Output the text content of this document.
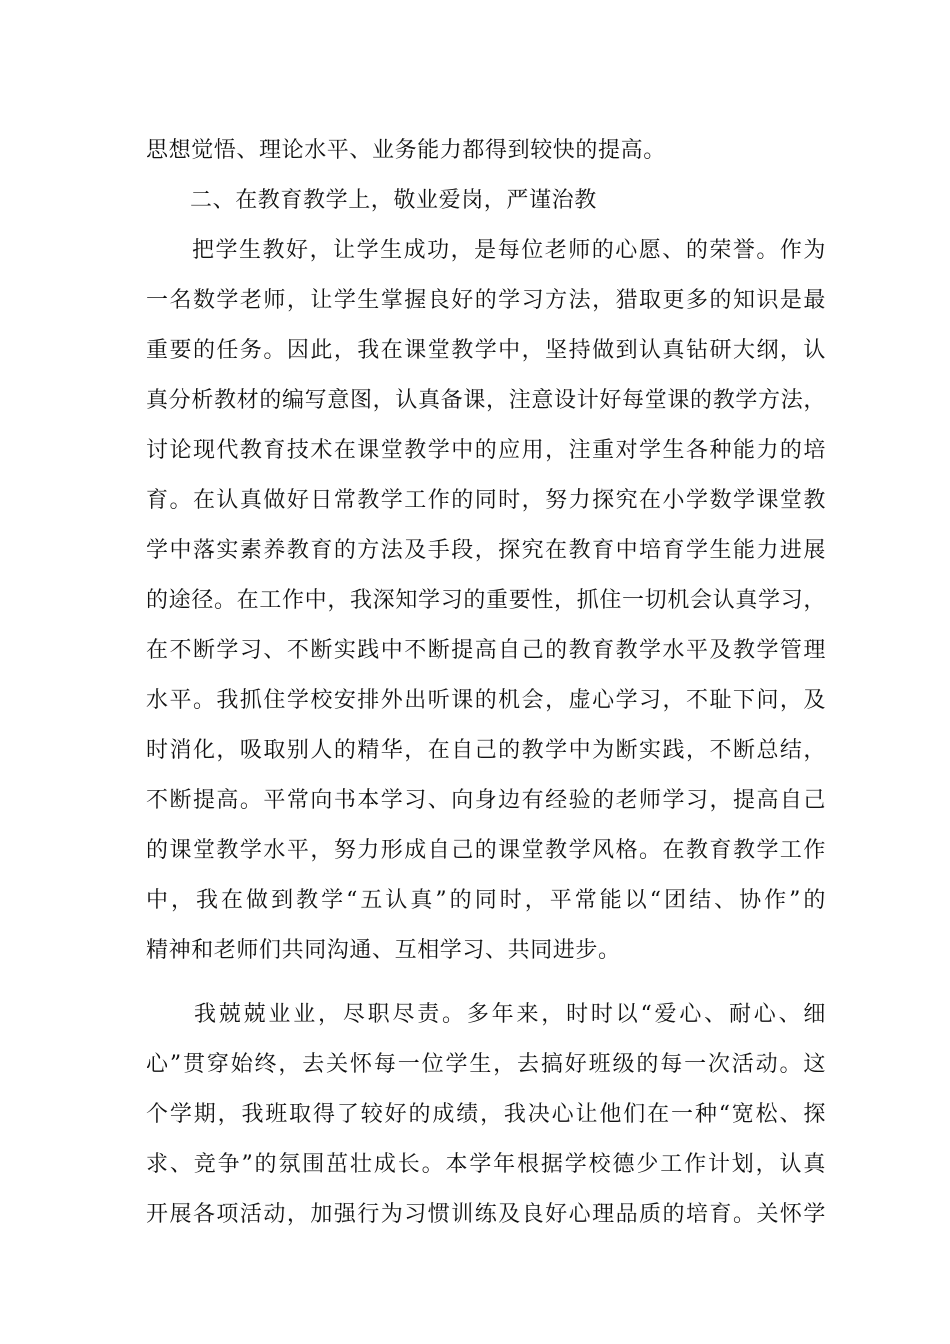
思想觉悟、理论水平、业务能力都得到较快的提高。
二、在教育教学上，敬业爱岗，严谨治教
把学生教好，让学生成功，是每位老师的心愿、的荣誉。作为
一名数学老师，让学生掌握良好的学习方法，猎取更多的知识是最
重要的任务。因此，我在课堂教学中，坚持做到认真钻研大纲，认
真分析教材的编写意图，认真备课，注意设计好每堂课的教学方法，
讨论现代教育技术在课堂教学中的应用，注重对学生各种能力的培
育。在认真做好日常教学工作的同时，努力探究在小学数学课堂教
学中落实素养教育的方法及手段，探究在教育中培育学生能力进展
的途径。在工作中，我深知学习的重要性，抓住一切机会认真学习，
在不断学习、不断实践中不断提高自己的教育教学水平及教学管理
水平。我抓住学校安排外出听课的机会，虚心学习，不耻下问，及
时消化，吸取别人的精华，在自己的教学中为断实践，不断总结，
不断提高。平常向书本学习、向身边有经验的老师学习，提高自己
的课堂教学水平，努力形成自己的课堂教学风格。在教育教学工作
中，我在做到教学“五认真”的同时，平常能以“团结、协作”的
精神和老师们共同沟通、互相学习、共同进步。
我兢兢业业，尽职尽责。多年来，时时以“爱心、耐心、细
心”贯穿始终，去关怀每一位学生，去搞好班级的每一次活动。这
个学期，我班取得了较好的成绩，我决心让他们在一种“宽松、探
求、竞争”的氛围茁壮成长。本学年根据学校德少工作计划，认真
开展各项活动，加强行为习惯训练及良好心理品质的培育。关怀学
